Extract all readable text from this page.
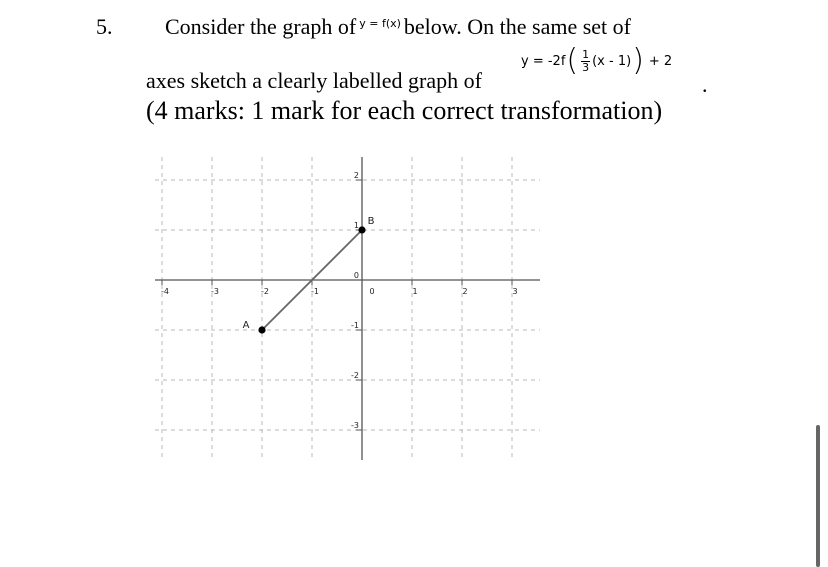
5. Consider the graph of $^{y = f(x)}$ below. On the same set of
y = -2f ( $\frac{1}{3} (x - 1)$ ) + 2
axes sketch a clearly labelled graph of	.
(4 marks: 1 mark for each correct transformation)
-4	-3	-2	-1	0	1	2	3
2
1
0
-1
-2
-3
A
B
